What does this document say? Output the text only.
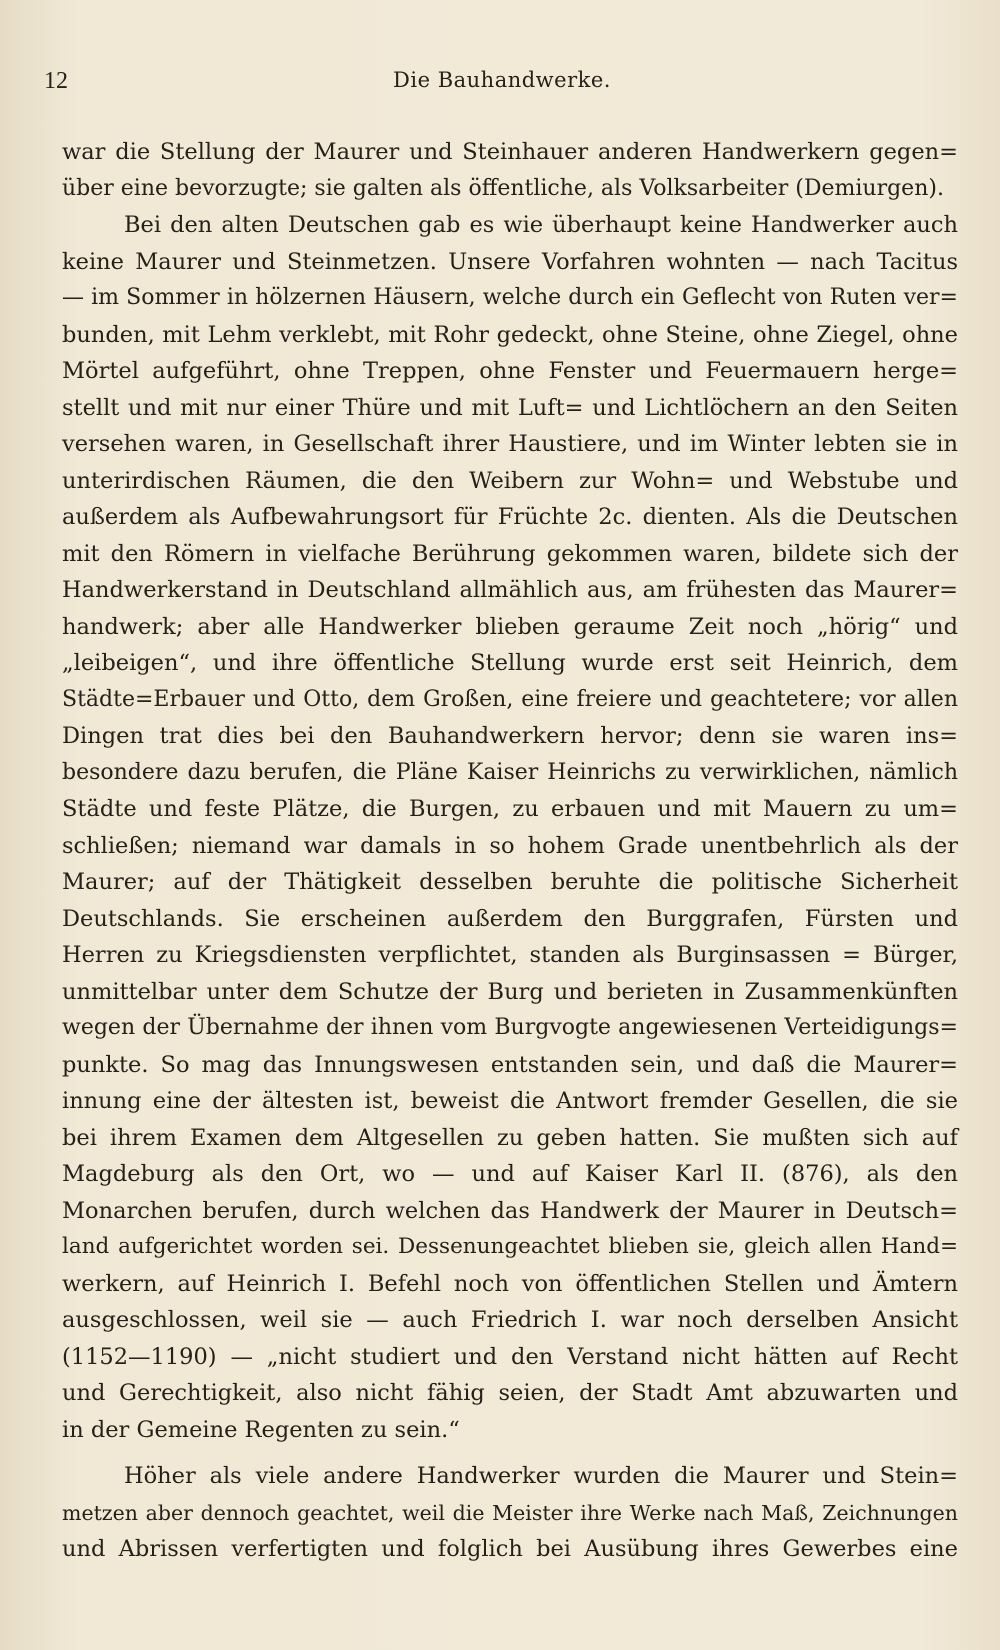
12	Die Bauhandwerke.
war die Stellung der Maurer und Steinhauer anderen Handwerkern gegen=
über eine bevorzugte; sie galten als öffentliche, als Volksarbeiter (Demiurgen).
Bei den alten Deutschen gab es wie überhaupt keine Handwerker auch
keine Maurer und Steinmetzen. Unsere Vorfahren wohnten — nach Tacitus
— im Sommer in hölzernen Häusern, welche durch ein Geflecht von Ruten ver=
bunden, mit Lehm verklebt, mit Rohr gedeckt, ohne Steine, ohne Ziegel, ohne
Mörtel aufgeführt, ohne Treppen, ohne Fenster und Feuermauern herge=
stellt und mit nur einer Thüre und mit Luft= und Lichtlöchern an den Seiten
versehen waren, in Gesellschaft ihrer Haustiere, und im Winter lebten sie in
unterirdischen Räumen, die den Weibern zur Wohn= und Webstube und
außerdem als Aufbewahrungsort für Früchte 2c. dienten. Als die Deutschen
mit den Römern in vielfache Berührung gekommen waren, bildete sich der
Handwerkerstand in Deutschland allmählich aus, am frühesten das Maurer=
handwerk; aber alle Handwerker blieben geraume Zeit noch „hörig“ und
„leibeigen“, und ihre öffentliche Stellung wurde erst seit Heinrich, dem
Städte=Erbauer und Otto, dem Großen, eine freiere und geachtetere; vor allen
Dingen trat dies bei den Bauhandwerkern hervor; denn sie waren ins=
besondere dazu berufen, die Pläne Kaiser Heinrichs zu verwirklichen, nämlich
Städte und feste Plätze, die Burgen, zu erbauen und mit Mauern zu um=
schließen; niemand war damals in so hohem Grade unentbehrlich als der
Maurer; auf der Thätigkeit desselben beruhte die politische Sicherheit
Deutschlands. Sie erscheinen außerdem den Burggrafen, Fürsten und
Herren zu Kriegsdiensten verpflichtet, standen als Burginsassen = Bürger,
unmittelbar unter dem Schutze der Burg und berieten in Zusammenkünften
wegen der Übernahme der ihnen vom Burgvogte angewiesenen Verteidigungs=
punkte. So mag das Innungswesen entstanden sein, und daß die Maurer=
innung eine der ältesten ist, beweist die Antwort fremder Gesellen, die sie
bei ihrem Examen dem Altgesellen zu geben hatten. Sie mußten sich auf
Magdeburg als den Ort, wo — und auf Kaiser Karl II. (876), als den
Monarchen berufen, durch welchen das Handwerk der Maurer in Deutsch=
land aufgerichtet worden sei. Dessenungeachtet blieben sie, gleich allen Hand=
werkern, auf Heinrich I. Befehl noch von öffentlichen Stellen und Ämtern
ausgeschlossen, weil sie — auch Friedrich I. war noch derselben Ansicht
(1152—1190) — „nicht studiert und den Verstand nicht hätten auf Recht
und Gerechtigkeit, also nicht fähig seien, der Stadt Amt abzuwarten und
in der Gemeine Regenten zu sein.“
Höher als viele andere Handwerker wurden die Maurer und Stein=
metzen aber dennoch geachtet, weil die Meister ihre Werke nach Maß, Zeichnungen
und Abrissen verfertigten und folglich bei Ausübung ihres Gewerbes eine
